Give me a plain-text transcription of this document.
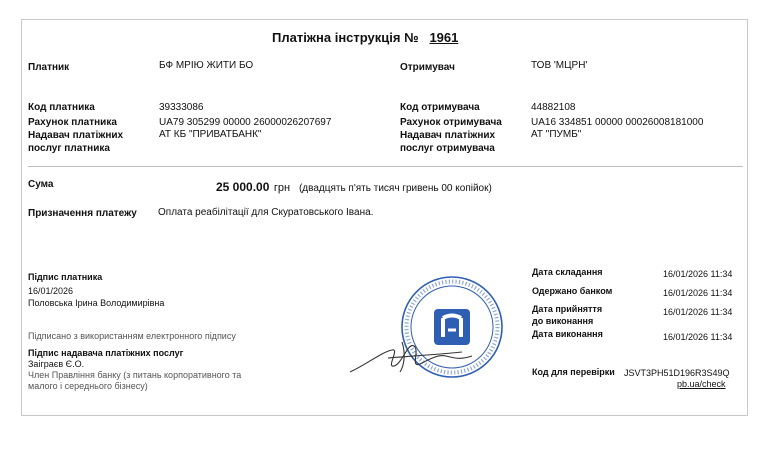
Платіжна інструкція № 1961
Платник	БФ МРІЮ ЖИТИ БО	Отримувач	ТОВ 'МЦРН'
Код платника	39333086
Рахунок платника	UA79 305299 00000 26000026207697
Надавач платіжних
послуг платника
АТ КБ "ПРИВАТБАНК"
Код отримувача	44882108
Рахунок отримувача	UA16 334851 00000 00026008181000
Надавач платіжних
послуг отримувача
АТ "ПУМБ"
Сума	25 000.00 грн (двадцять п'ять тисяч гривень 00 копійок)
Призначення платежу Оплата реабілітації для Скуратовського Івана.
Підпис платника
16/01/2026
Половська Ірина Володимирівна
Підписано з використанням електронного підпису
Підпис надавача платіжних послуг
Заіграєв Є.О.
Член Правління банку (з питань корпоративного та
малого і середнього бізнесу)
Дата складання	16/01/2026 11:34
Одержано банком	16/01/2026 11:34
Дата прийняття
до виконання
16/01/2026 11:34
Дата виконання	16/01/2026 11:34
Код для перевірки JSVT3PH51D196R3S49Q
pb.ua/check
